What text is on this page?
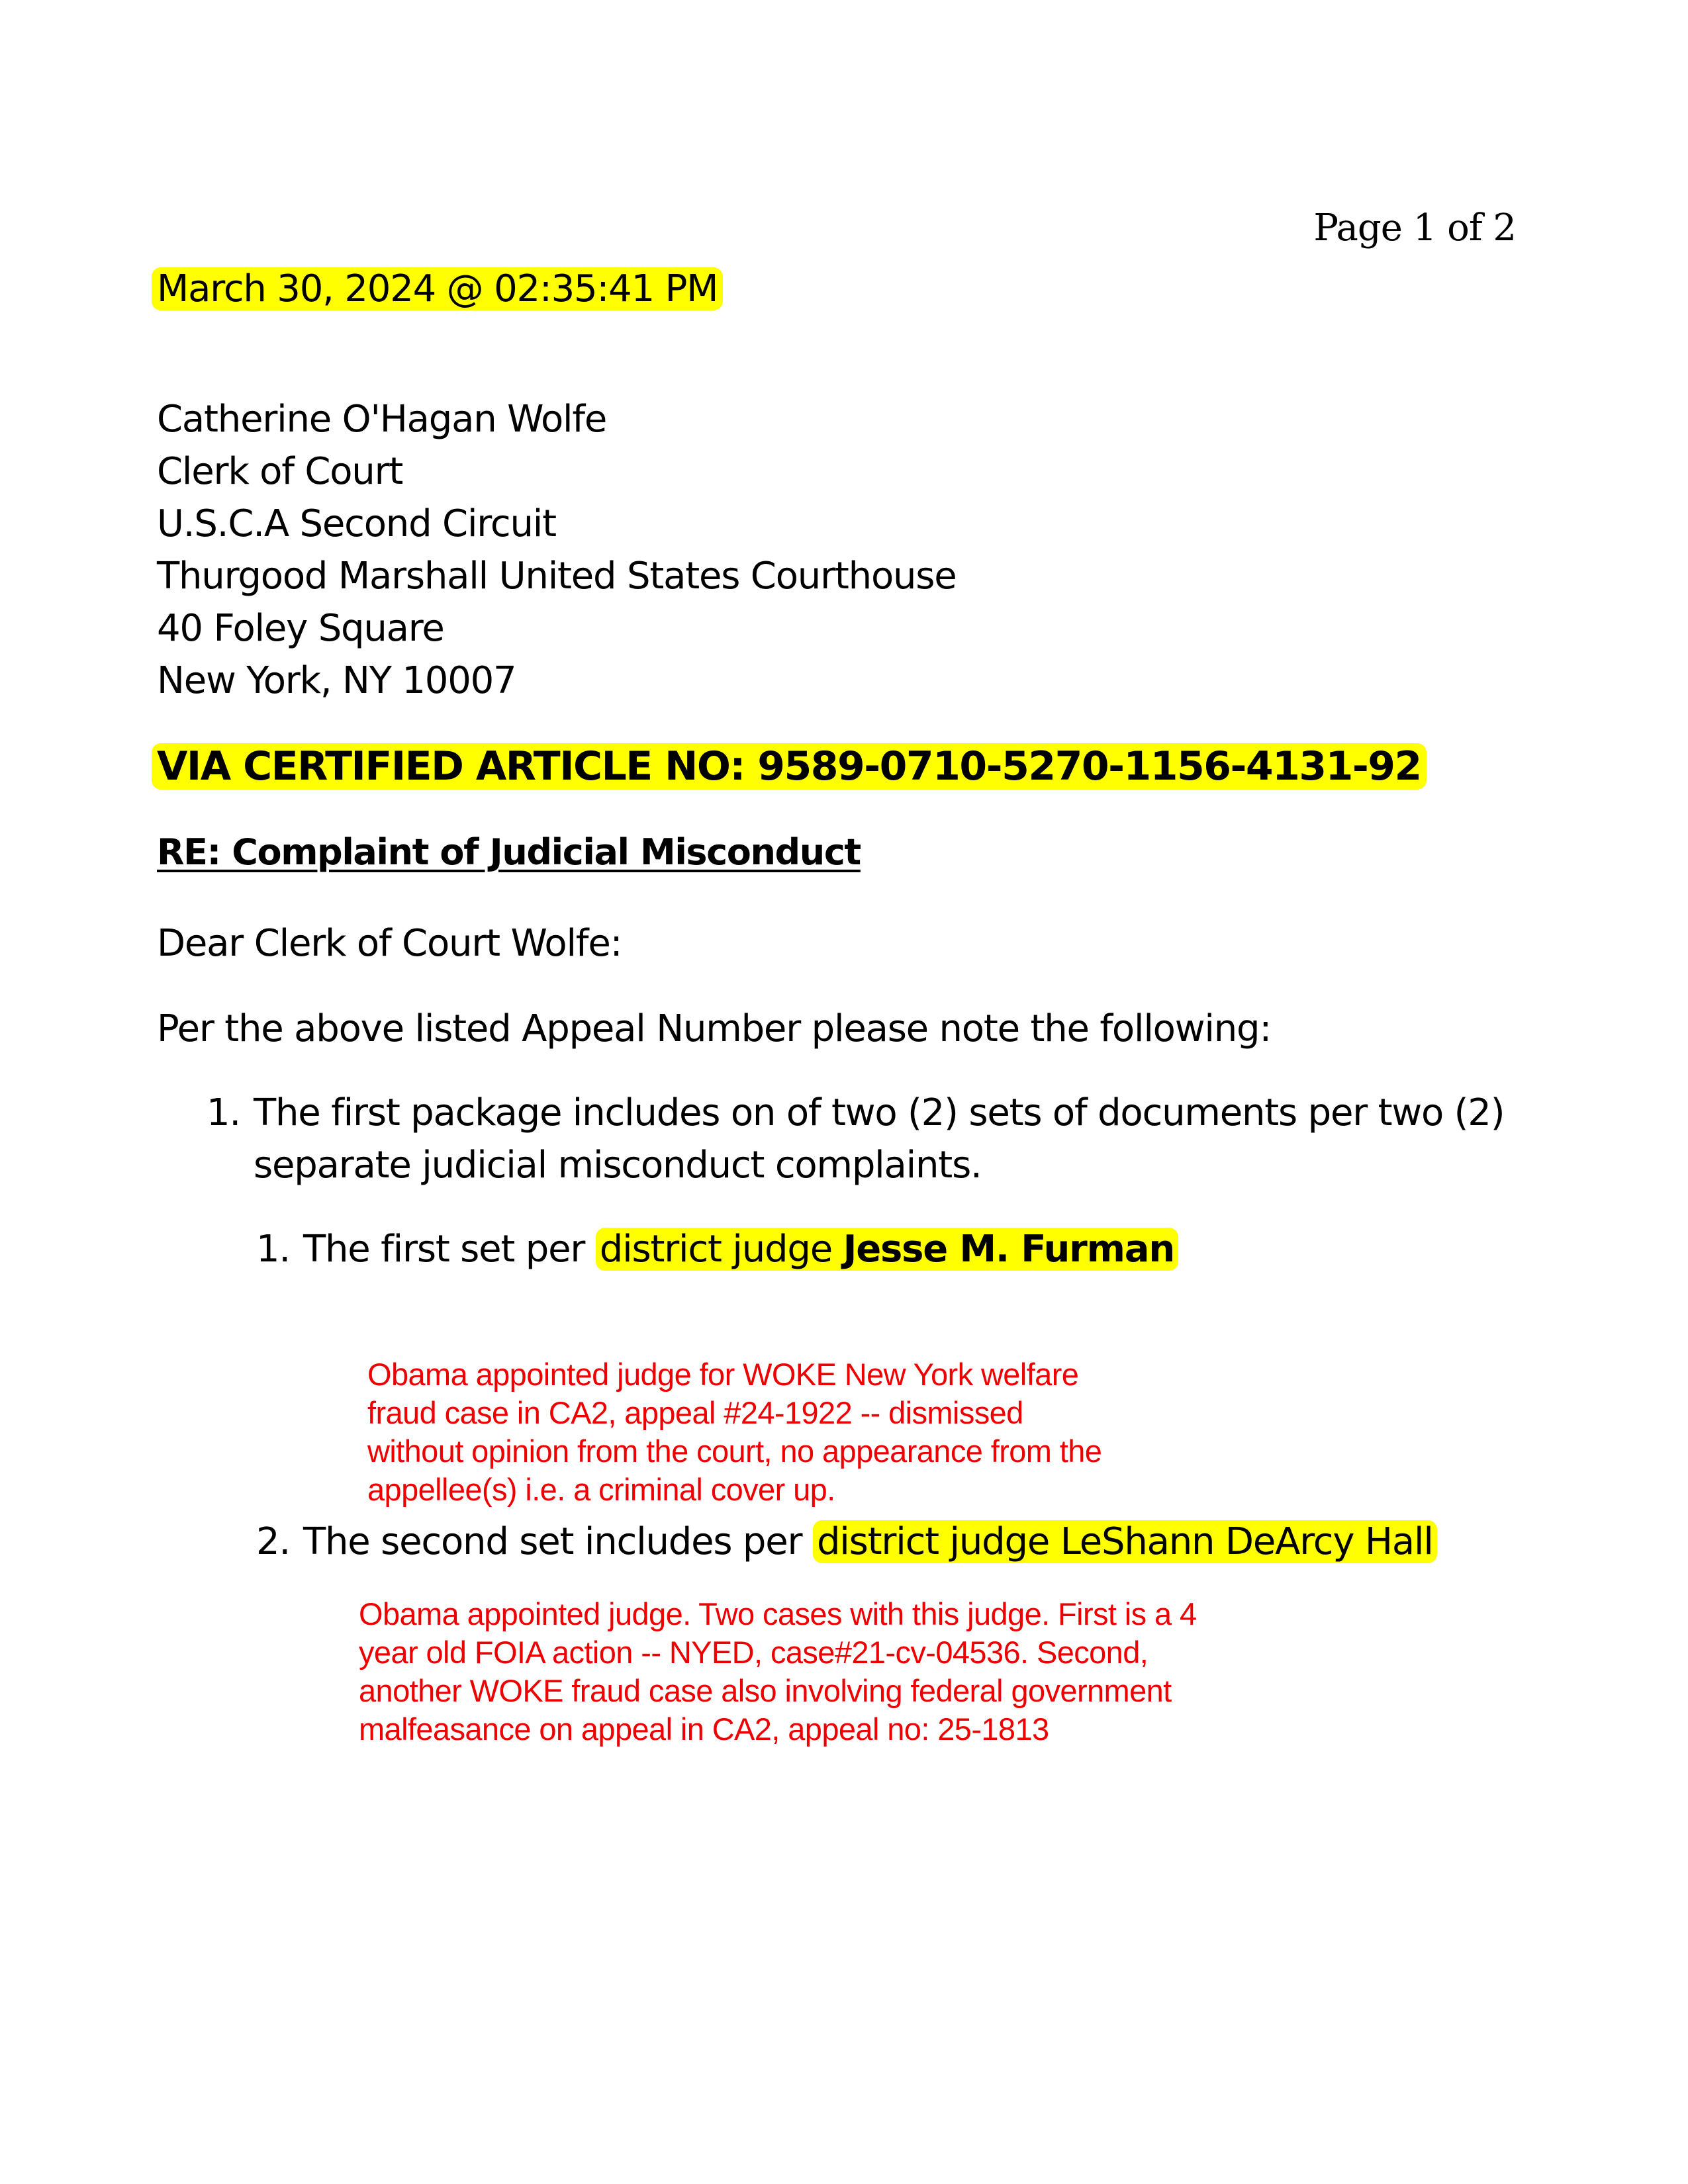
Page 1 of 2
March 30, 2024 @ 02:35:41 PM
Catherine O'Hagan Wolfe
Clerk of Court
U.S.C.A Second Circuit
Thurgood Marshall United States Courthouse
40 Foley Square
New York, NY 10007
VIA CERTIFIED ARTICLE NO: 9589-0710-5270-1156-4131-92
RE: Complaint of Judicial Misconduct
Dear Clerk of Court Wolfe:
Per the above listed Appeal Number please note the following:
1. The first package includes on of two (2) sets of documents per two (2)
separate judicial misconduct complaints.
1. The first set per district judge Jesse M. Furman
Obama appointed judge for WOKE New York welfare
fraud case in CA2, appeal #24-1922 -- dismissed
without opinion from the court, no appearance from the
appellee(s) i.e. a criminal cover up.
2. The second set includes per district judge LeShann DeArcy Hall
Obama appointed judge. Two cases with this judge. First is a 4
year old FOIA action -- NYED, case#21-cv-04536. Second,
another WOKE fraud case also involving federal government
malfeasance on appeal in CA2, appeal no: 25-1813
